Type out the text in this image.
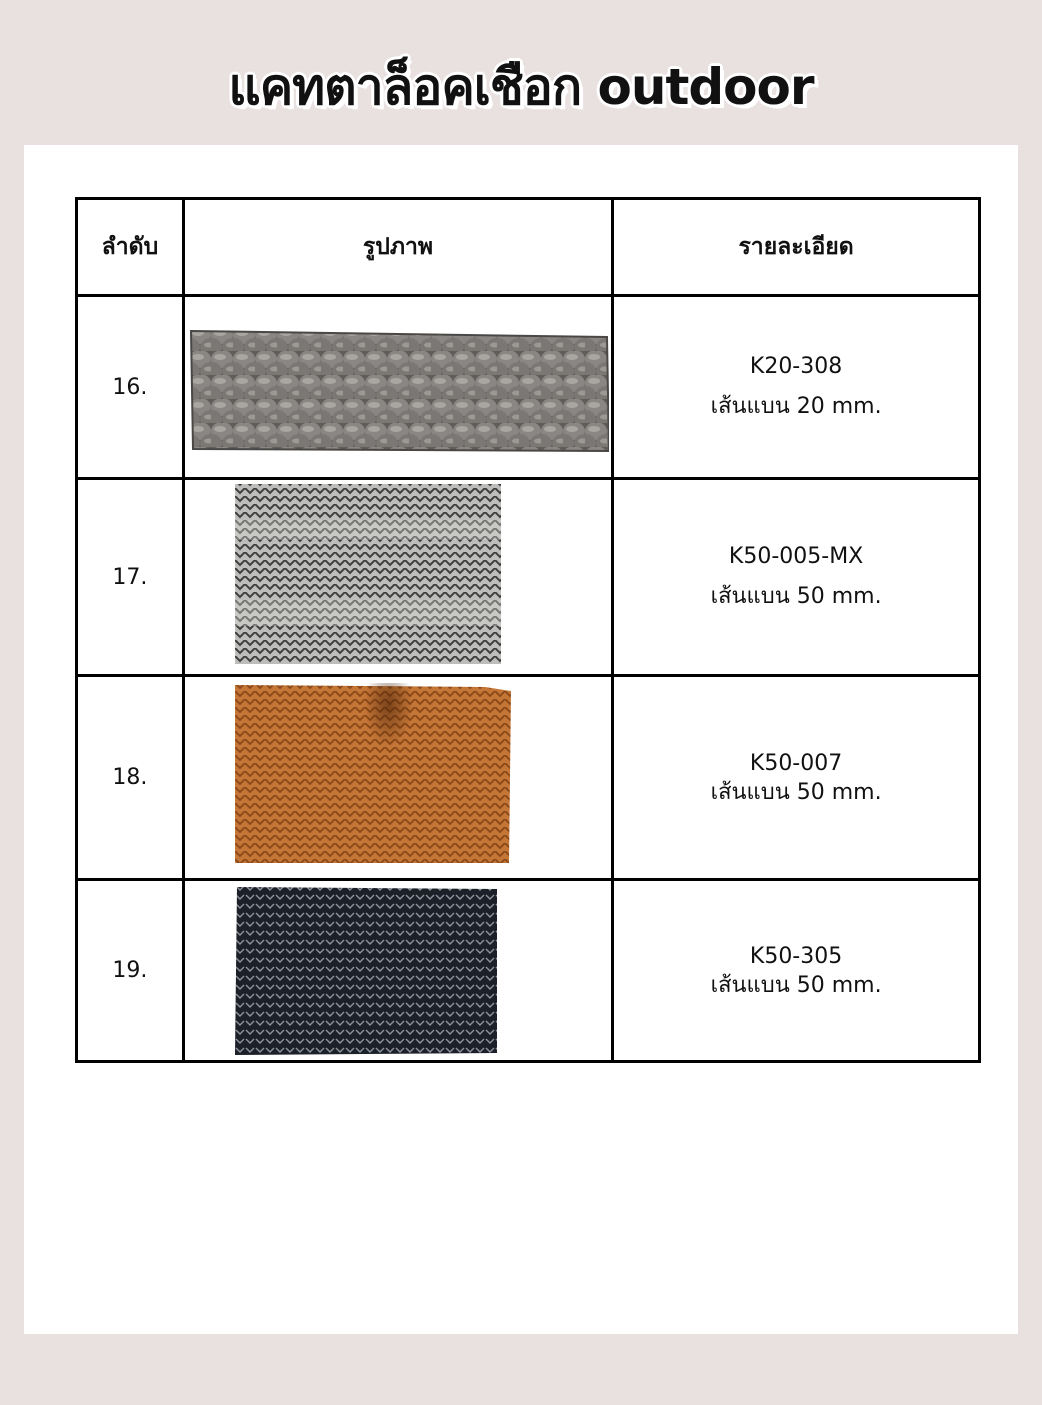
แคทตาล็อคเชือก outdoor
ลำดับ	รูปภาพ	รายละเอียด
16.		K20-308
เส้นแบน 20 mm.

17.		K50-005-MX
เส้นแบน 50 mm.

18.		K50-007
เส้นแบน 50 mm.

19.		K50-305
เส้นแบน 50 mm.
